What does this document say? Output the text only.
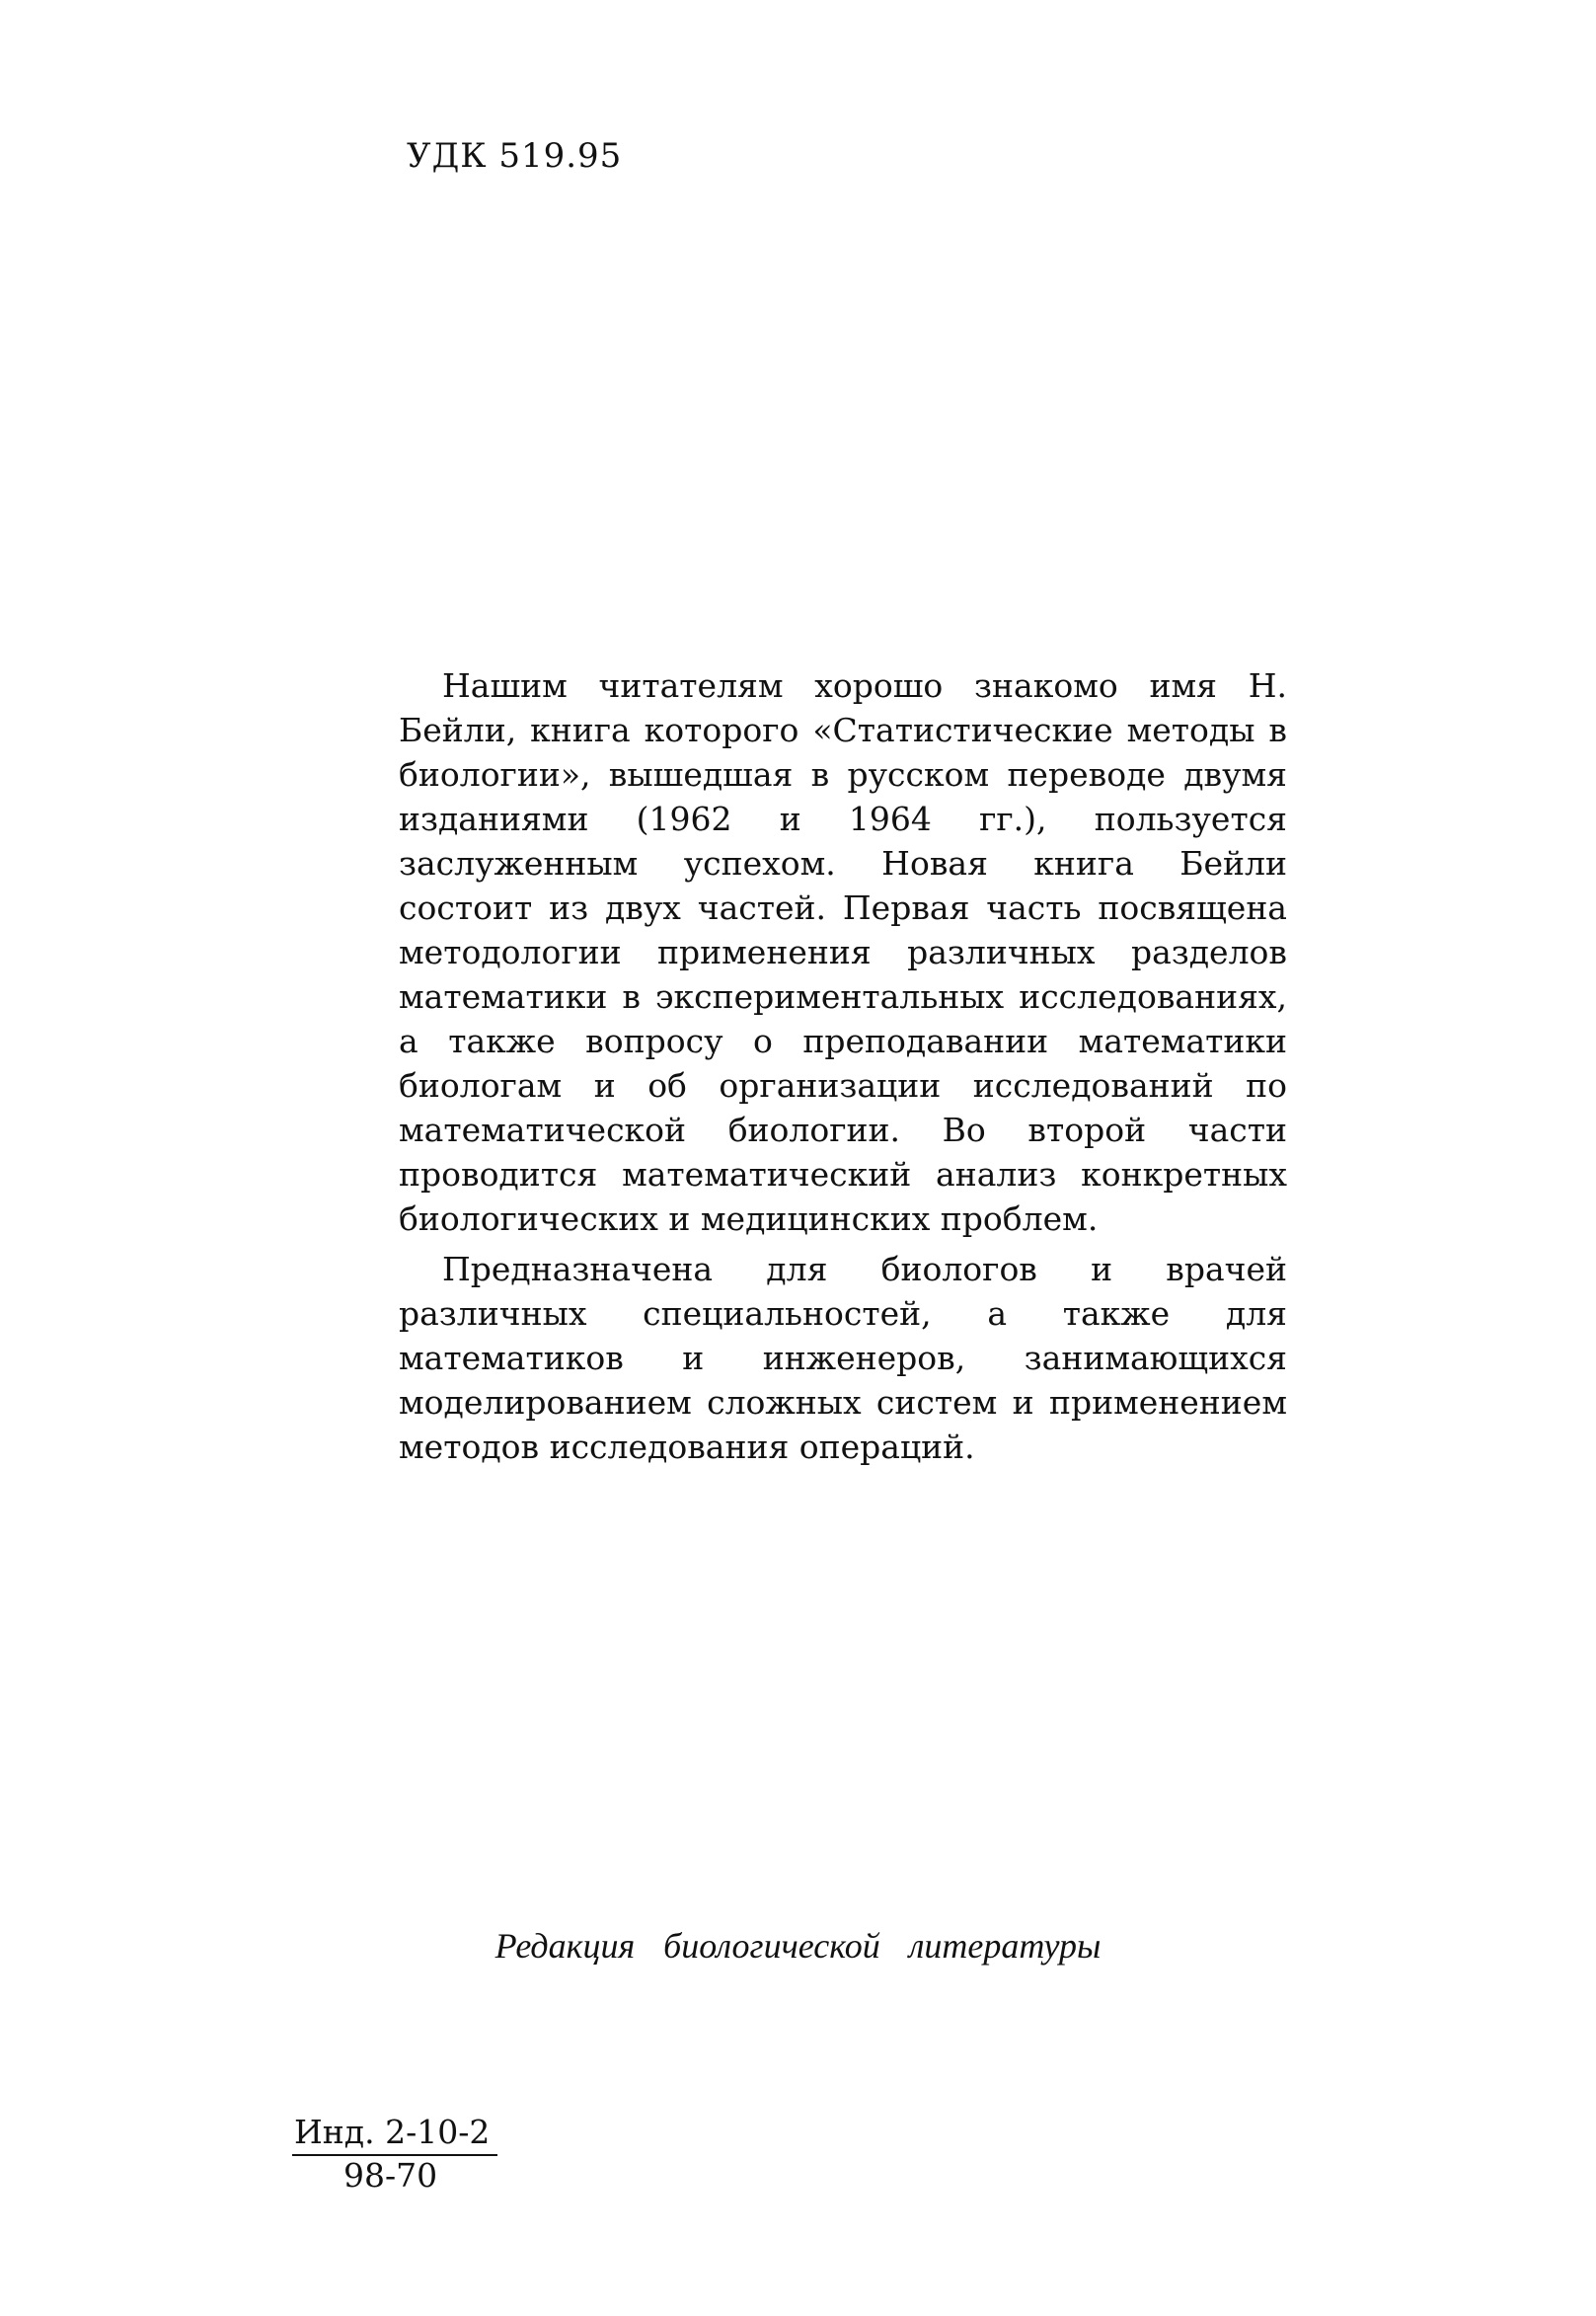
УДК 519.95

Нашим читателям хорошо знакомо имя Н. Бейли, книга которого «Статистические методы в биологии», вышедшая в русском переводе двумя изданиями (1962 и 1964 гг.), пользуется заслуженным успехом. Новая книга Бейли состоит из двух частей. Первая часть посвящена методологии применения различных разделов математики в экспериментальных исследованиях, а также вопросу о преподавании математики биологам и об организации исследований по математической биологии. Во второй части проводится математический анализ конкретных биологических и медицинских проблем.

Предназначена для биологов и врачей различных специальностей, а также для математиков и инженеров, занимающихся моделированием сложных систем и применением методов исследования операций.

Редакция биологической литературы
Инд. 2-10-2
98-70
